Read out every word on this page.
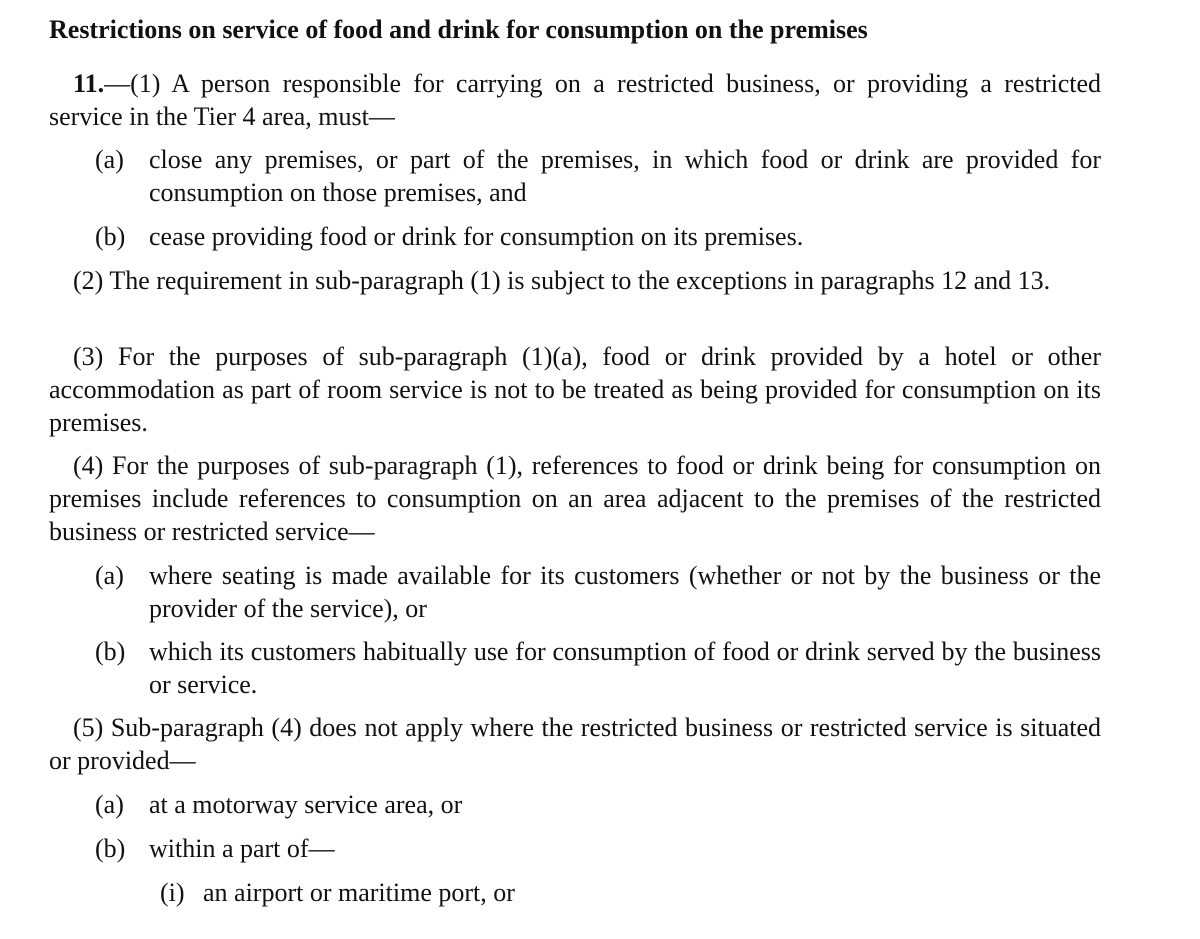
Restrictions on service of food and drink for consumption on the premises
11.—(1) A person responsible for carrying on a restricted business, or providing a restricted service in the Tier 4 area, must—
(a) close any premises, or part of the premises, in which food or drink are provided for consumption on those premises, and
(b) cease providing food or drink for consumption on its premises.
(2) The requirement in sub-paragraph (1) is subject to the exceptions in paragraphs 12 and 13.
(3) For the purposes of sub-paragraph (1)(a), food or drink provided by a hotel or other accommodation as part of room service is not to be treated as being provided for consumption on its premises.
(4) For the purposes of sub-paragraph (1), references to food or drink being for consumption on premises include references to consumption on an area adjacent to the premises of the restricted business or restricted service—
(a) where seating is made available for its customers (whether or not by the business or the provider of the service), or
(b) which its customers habitually use for consumption of food or drink served by the business or service.
(5) Sub-paragraph (4) does not apply where the restricted business or restricted service is situated or provided—
(a) at a motorway service area, or
(b) within a part of—
(i) an airport or maritime port, or
